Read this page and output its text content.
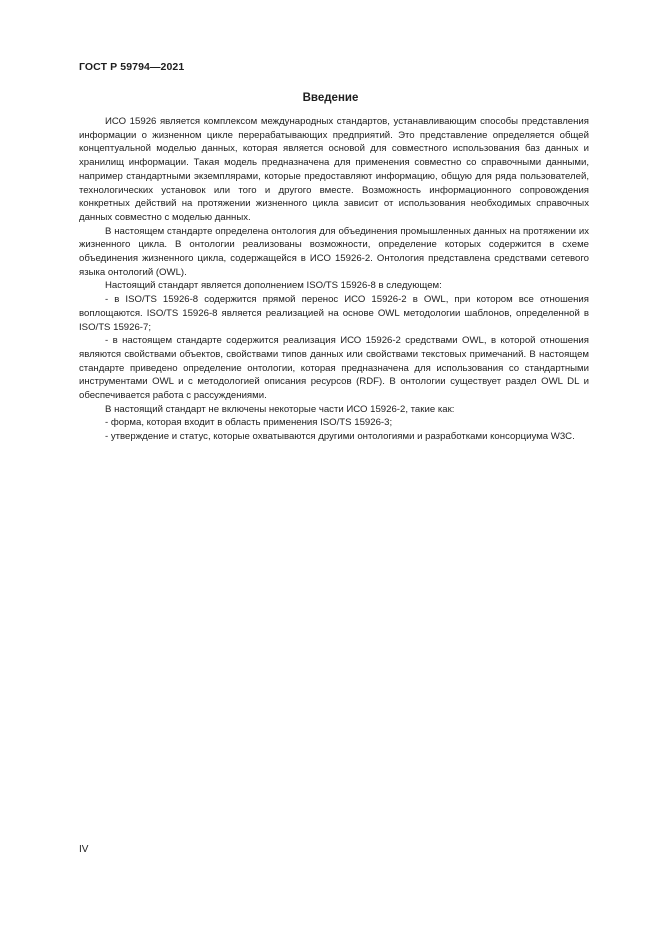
ГОСТ Р 59794—2021
Введение

ИСО 15926 является комплексом международных стандартов, устанавливающим способы представления информации о жизненном цикле перерабатывающих предприятий. Это представление определяется общей концептуальной моделью данных, которая является основой для совместного использования баз данных и хранилищ информации. Такая модель предназначена для применения совместно со справочными данными, например стандартными экземплярами, которые предоставляют информацию, общую для ряда пользователей, технологических установок или того и другого вместе. Возможность информационного сопровождения конкретных действий на протяжении жизненного цикла зависит от использования необходимых справочных данных совместно с моделью данных.

В настоящем стандарте определена онтология для объединения промышленных данных на протяжении их жизненного цикла. В онтологии реализованы возможности, определение которых содержится в схеме объединения жизненного цикла, содержащейся в ИСО 15926-2. Онтология представлена средствами сетевого языка онтологий (OWL).

Настоящий стандарт является дополнением ISO/TS 15926-8 в следующем:

- в ISO/TS 15926-8 содержится прямой перенос ИСО 15926-2 в OWL, при котором все отношения воплощаются. ISO/TS 15926-8 является реализацией на основе OWL методологии шаблонов, определенной в ISO/TS 15926-7;

- в настоящем стандарте содержится реализация ИСО 15926-2 средствами OWL, в которой отношения являются свойствами объектов, свойствами типов данных или свойствами текстовых примечаний. В настоящем стандарте приведено определение онтологии, которая предназначена для использования со стандартными инструментами OWL и с методологией описания ресурсов (RDF). В онтологии существует раздел OWL DL и обеспечивается работа с рассуждениями.

В настоящий стандарт не включены некоторые части ИСО 15926-2, такие как:

- форма, которая входит в область применения ISO/TS 15926-3;

- утверждение и статус, которые охватываются другими онтологиями и разработками консорциума W3C.

IV
